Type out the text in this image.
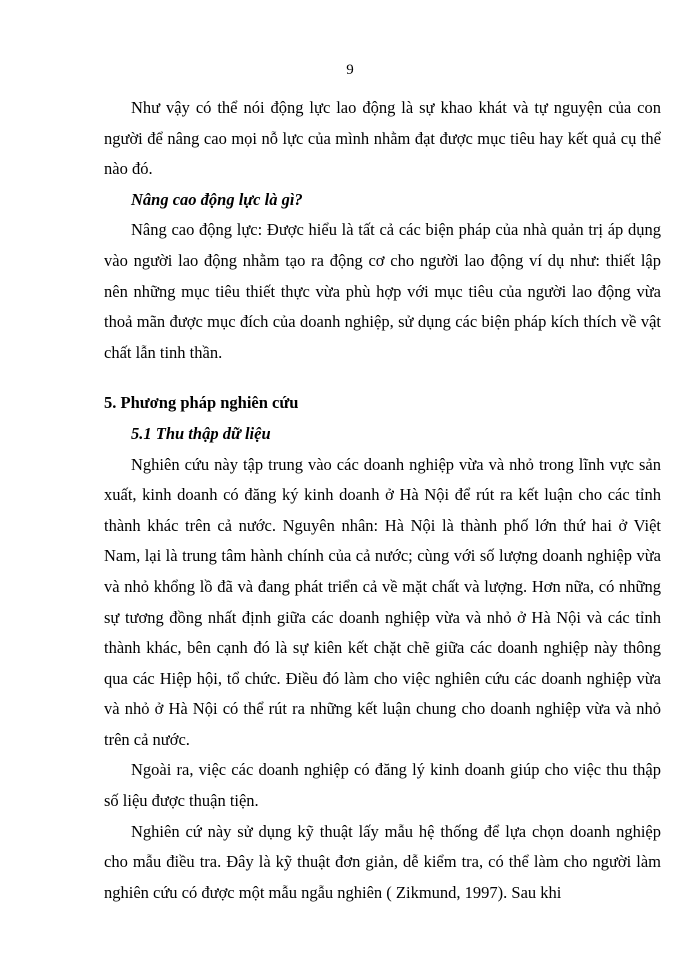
9

Như vậy có thể nói động lực lao động là sự khao khát và tự nguyện của con người để nâng cao mọi nỗ lực của mình nhằm đạt được mục tiêu hay kết quả cụ thể nào đó.

Nâng cao động lực là gì?

Nâng cao động lực: Được hiểu là tất cả các biện pháp của nhà quản trị áp dụng vào người lao động nhằm tạo ra động cơ cho người lao động ví dụ như: thiết lập nên những mục tiêu thiết thực vừa phù hợp với mục tiêu của người lao động vừa thoả mãn được mục đích của doanh nghiệp, sử dụng các biện pháp kích thích về vật chất lẫn tinh thần.

5. Phương pháp nghiên cứu
5.1 Thu thập dữ liệu

Nghiên cứu này tập trung vào các doanh nghiệp vừa và nhỏ trong lĩnh vực sản xuất, kinh doanh có đăng ký kinh doanh ở Hà Nội để rút ra kết luận cho các tỉnh thành khác trên cả nước. Nguyên nhân: Hà Nội là thành phố lớn thứ hai ở Việt Nam, lại là trung tâm hành chính của cả nước; cùng với số lượng doanh nghiệp vừa và nhỏ khổng lồ đã và đang phát triển cả về mặt chất và lượng. Hơn nữa, có những sự tương đồng nhất định giữa các doanh nghiệp vừa và nhỏ ở Hà Nội và các tỉnh thành khác, bên cạnh đó là sự kiên kết chặt chẽ giữa các doanh nghiệp này thông qua các Hiệp hội, tổ chức. Điều đó làm cho việc nghiên cứu các doanh nghiệp vừa và nhỏ ở Hà Nội có thể rút ra những kết luận chung cho doanh nghiệp vừa và nhỏ trên cả nước.

Ngoài ra, việc các doanh nghiệp có đăng lý kinh doanh giúp cho việc thu thập số liệu được thuận tiện.

Nghiên cứ này sử dụng kỹ thuật lấy mẫu hệ thống để lựa chọn doanh nghiệp cho mẫu điều tra. Đây là kỹ thuật đơn giản, dễ kiểm tra, có thể làm cho người làm nghiên cứu có được một mẫu ngẫu nghiên ( Zikmund, 1997). Sau khi
